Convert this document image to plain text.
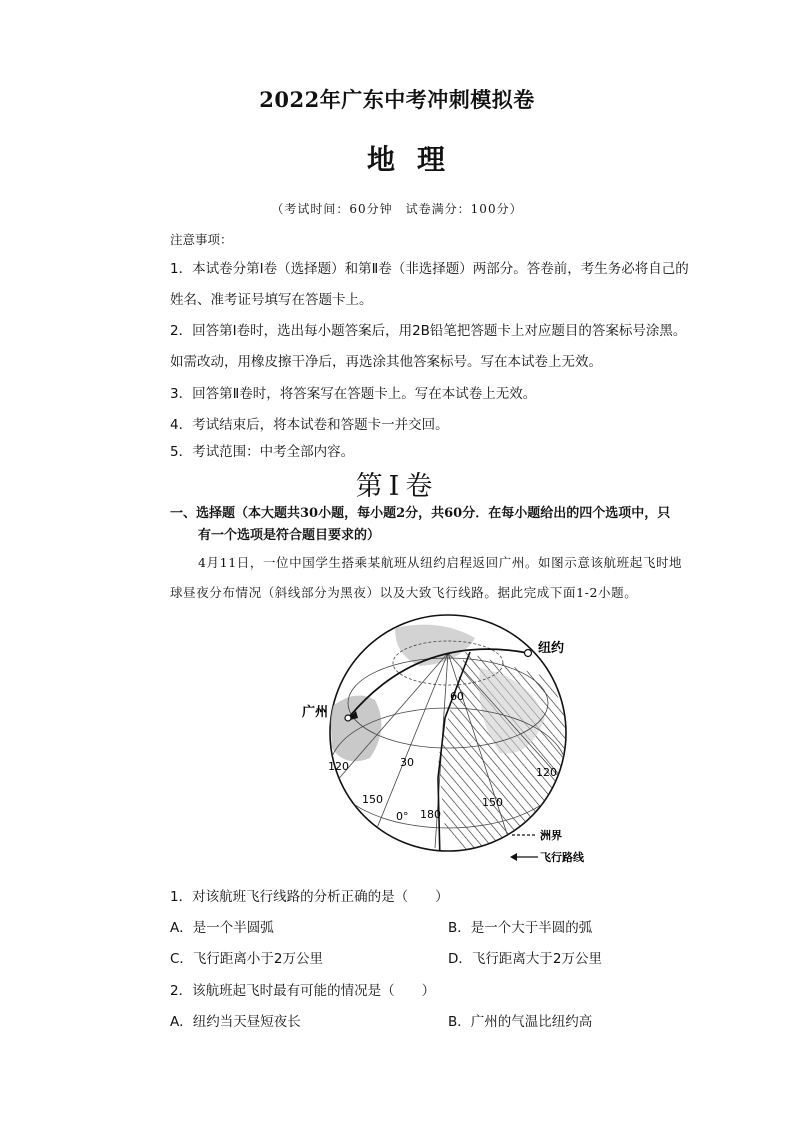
2022年广东中考冲刺模拟卷
地理
（考试时间：60分钟　试卷满分：100分）
注意事项：
1．本试卷分第Ⅰ卷（选择题）和第Ⅱ卷（非选择题）两部分。答卷前，考生务必将自己的
姓名、准考证号填写在答题卡上。
2．回答第Ⅰ卷时，选出每小题答案后，用2B铅笔把答题卡上对应题目的答案标号涂黑。
如需改动，用橡皮擦干净后，再选涂其他答案标号。写在本试卷上无效。
3．回答第Ⅱ卷时，将答案写在答题卡上。写在本试卷上无效。
4．考试结束后，将本试卷和答题卡一并交回。
5．考试范围：中考全部内容。
第Ⅰ卷
一、选择题（本大题共30小题，每小题2分，共60分．在每小题给出的四个选项中，只
有一个选项是符合题目要求的）
4月11日，一位中国学生搭乘某航班从纽约启程返回广州。如图示意该航班起飞时地
球昼夜分布情况（斜线部分为黑夜）以及大致飞行线路。据此完成下面1-2小题。
纽约
广州
60
30
0°
120
150
180
150
120
洲界
飞行路线
1．对该航班飞行线路的分析正确的是（　　）
A．是一个半圆弧	B．是一个大于半圆的弧
C．飞行距离小于2万公里	D．飞行距离大于2万公里
2．该航班起飞时最有可能的情况是（　　）
A．纽约当天昼短夜长	B．广州的气温比纽约高
